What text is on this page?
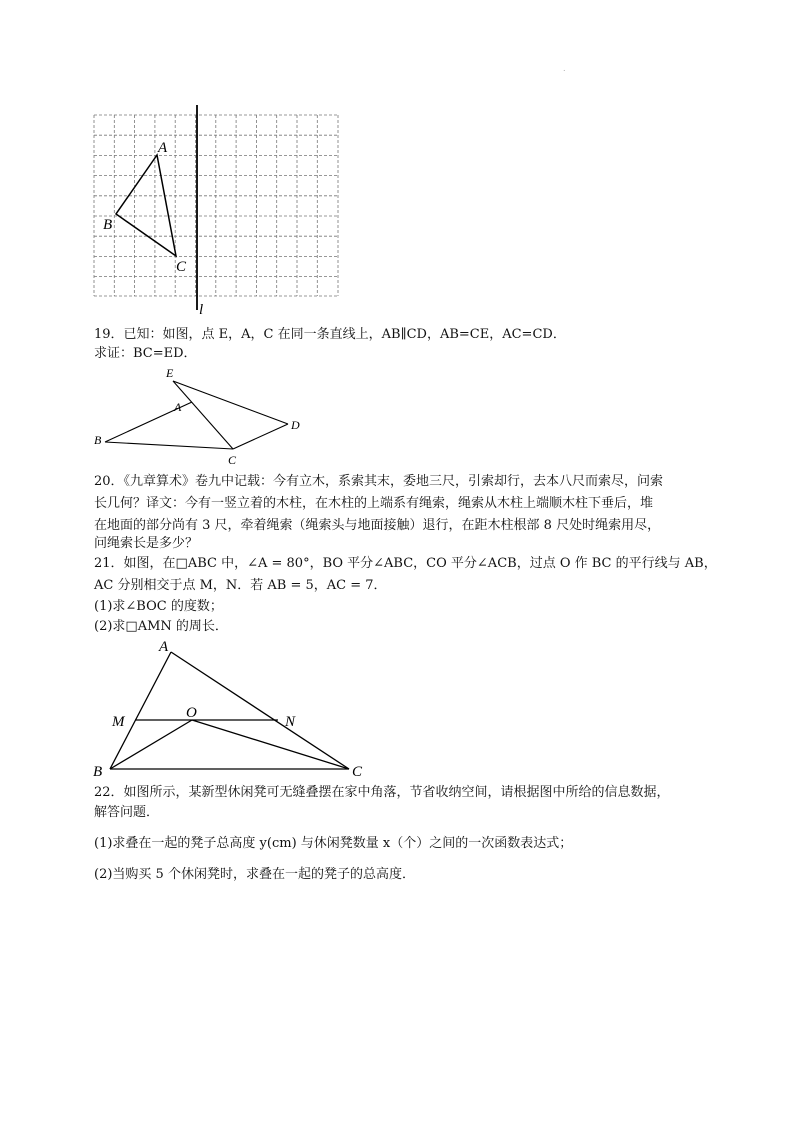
.
A
B
C
l
19．已知：如图，点 E，A，C 在同一条直线上，AB∥CD，AB=CE，AC=CD．
求证：BC=ED．
E
A
B
C
D
20．《九章算术》卷九中记载：今有立木，系索其末，委地三尺，引索却行，去本八尺而索尽，问索
长几何？译文：今有一竖立着的木柱，在木柱的上端系有绳索，绳索从木柱上端顺木柱下垂后，堆
在地面的部分尚有 3 尺，牵着绳索（绳索头与地面接触）退行，在距木柱根部 8 尺处时绳索用尽，
问绳索长是多少？
21．如图，在□ABC 中，∠A = 80°，BO 平分∠ABC，CO 平分∠ACB，过点 O 作 BC 的平行线与 AB，
AC 分别相交于点 M，N．若 AB = 5，AC = 7．
(1)求∠BOC 的度数；
(2)求□AMN 的周长．
A
M
O
N
B	C
22．如图所示，某新型休闲凳可无缝叠摆在家中角落，节省收纳空间，请根据图中所给的信息数据，
解答问题．
(1)求叠在一起的凳子总高度 y(cm) 与休闲凳数量 x（个）之间的一次函数表达式；
(2)当购买 5 个休闲凳时，求叠在一起的凳子的总高度．
